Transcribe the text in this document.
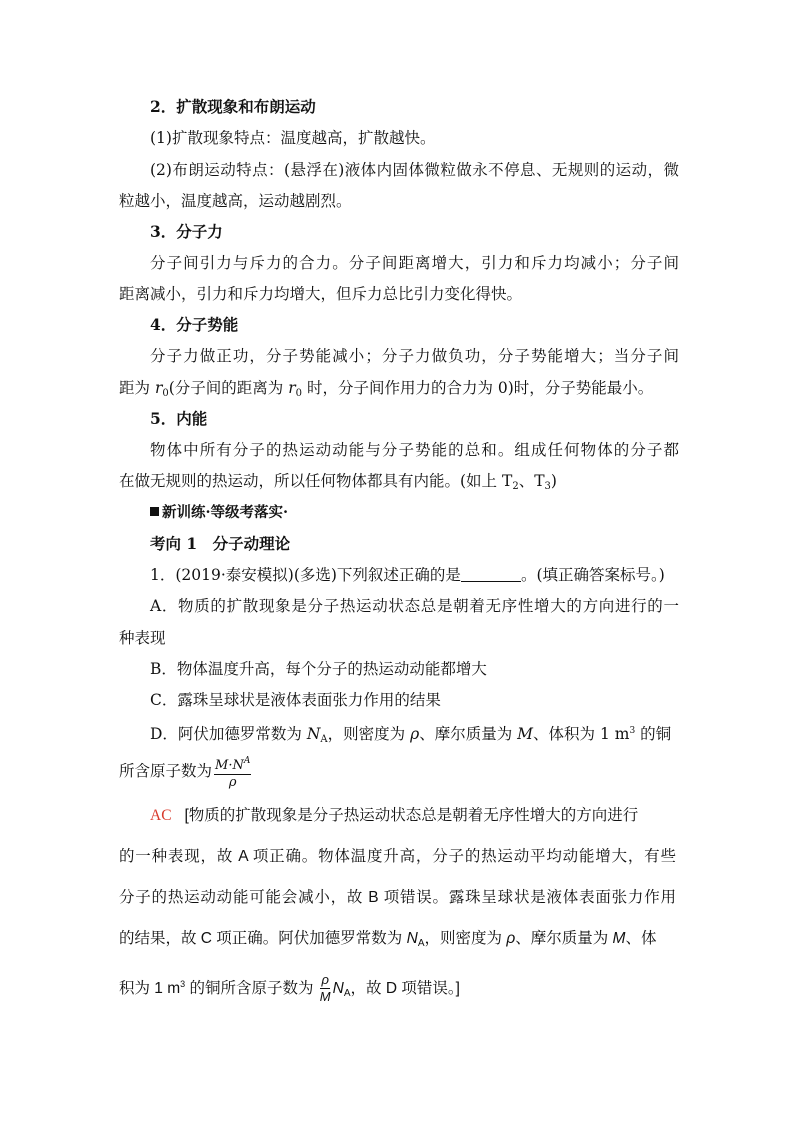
2．扩散现象和布朗运动
(1)扩散现象特点：温度越高，扩散越快。
(2)布朗运动特点：(悬浮在)液体内固体微粒做永不停息、无规则的运动，微
粒越小，温度越高，运动越剧烈。
3．分子力
分子间引力与斥力的合力。分子间距离增大，引力和斥力均减小；分子间
距离减小，引力和斥力均增大，但斥力总比引力变化得快。
4．分子势能
分子力做正功，分子势能减小；分子力做负功，分子势能增大；当分子间
距为 $r_0$(分子间的距离为 $r_0$ 时，分子间作用力的合力为 0)时，分子势能最小。
5．内能
物体中所有分子的热运动动能与分子势能的总和。组成任何物体的分子都
在做无规则的热运动，所以任何物体都具有内能。(如上 $T_2$、$T_3$)
新训练·等级考落实·
考向 1　分子动理论
1．(2019·泰安模拟)(多选)下列叙述正确的是	。(填正确答案标号。)
A．物质的扩散现象是分子热运动状态总是朝着无序性增大的方向进行的一
种表现
B．物体温度升高，每个分子的热运动动能都增大
C．露珠呈球状是液体表面张力作用的结果
D．阿伏加德罗常数为 $N_A$，则密度为 ρ、摩尔质量为 M、体积为 1 $m^3$ 的铜
所含原子数为 $\frac{M\cdot N^A}{\rho}$
AC [物质的扩散现象是分子热运动状态总是朝着无序性增大的方向进行
的一种表现，故 A 项正确。物体温度升高，分子的热运动平均动能增大，有些
分子的热运动动能可能会减小，故 B 项错误。露珠呈球状是液体表面张力作用
的结果，故 C 项正确。阿伏加德罗常数为 $N_A$，则密度为 ρ、摩尔质量为 M、体
积为 1 $m^3$ 的铜所含原子数为 $\frac{\rho}{M} N_A$，故 D 项错误。]
